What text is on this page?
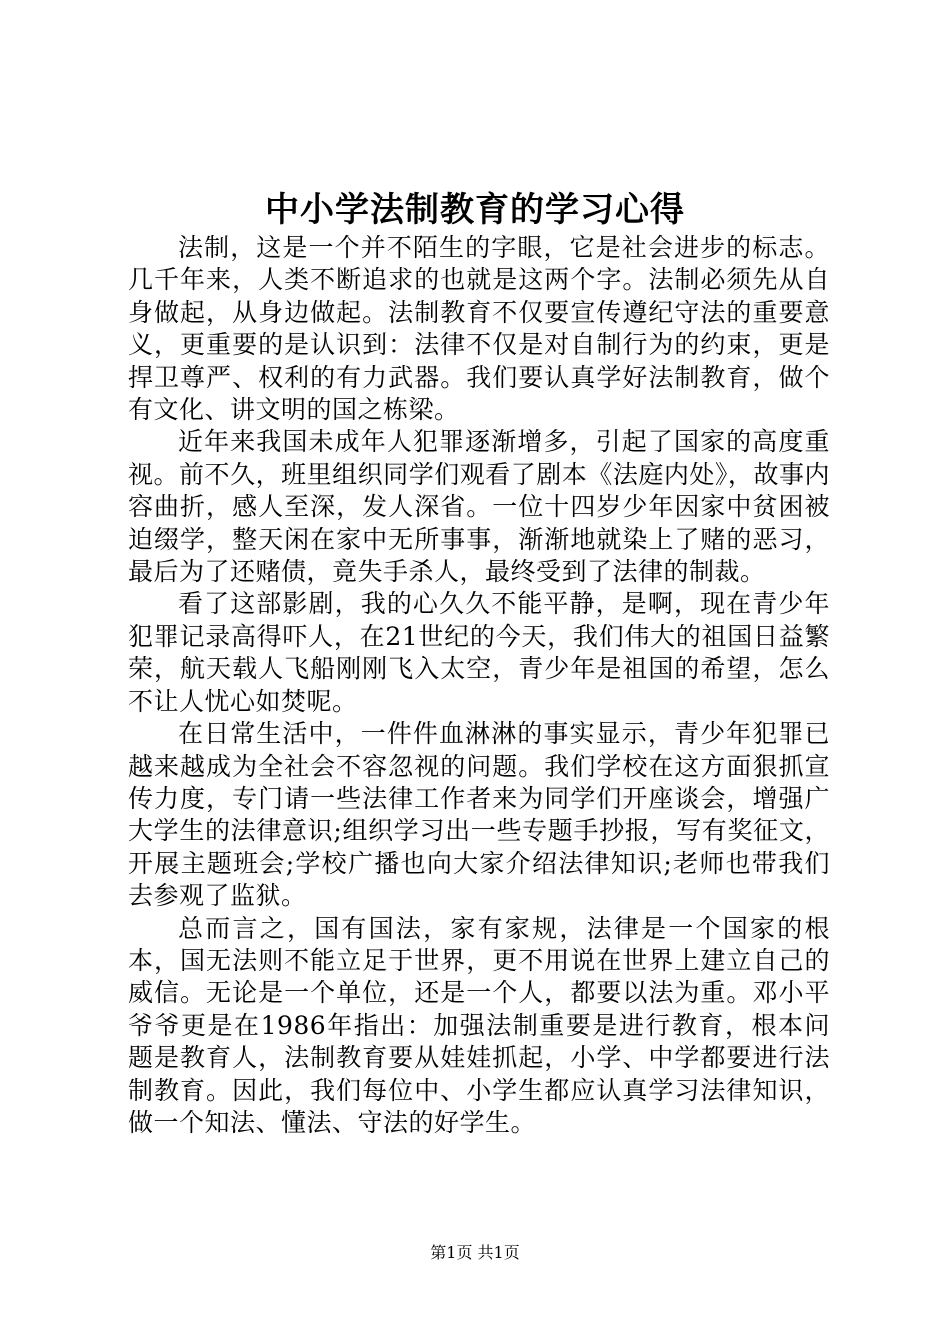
中小学法制教育的学习心得

法制，这是一个并不陌生的字眼，它是社会进步的标志。几千年来，人类不断追求的也就是这两个字。法制必须先从自身做起，从身边做起。法制教育不仅要宣传遵纪守法的重要意义，更重要的是认识到：法律不仅是对自制行为的约束，更是捍卫尊严、权利的有力武器。我们要认真学好法制教育，做个有文化、讲文明的国之栋梁。

近年来我国未成年人犯罪逐渐增多，引起了国家的高度重视。前不久，班里组织同学们观看了剧本《法庭内处》，故事内容曲折，感人至深，发人深省。一位十四岁少年因家中贫困被迫缀学，整天闲在家中无所事事，渐渐地就染上了赌的恶习，最后为了还赌债，竟失手杀人，最终受到了法律的制裁。

看了这部影剧，我的心久久不能平静，是啊，现在青少年犯罪记录高得吓人，在21世纪的今天，我们伟大的祖国日益繁荣，航天载人飞船刚刚飞入太空，青少年是祖国的希望，怎么不让人忧心如焚呢。

在日常生活中，一件件血淋淋的事实显示，青少年犯罪已越来越成为全社会不容忽视的问题。我们学校在这方面狠抓宣传力度，专门请一些法律工作者来为同学们开座谈会，增强广大学生的法律意识;组织学习出一些专题手抄报，写有奖征文，开展主题班会;学校广播也向大家介绍法律知识;老师也带我们去参观了监狱。

总而言之，国有国法，家有家规，法律是一个国家的根本，国无法则不能立足于世界，更不用说在世界上建立自己的威信。无论是一个单位，还是一个人，都要以法为重。邓小平爷爷更是在1986年指出：加强法制重要是进行教育，根本问题是教育人，法制教育要从娃娃抓起，小学、中学都要进行法制教育。因此，我们每位中、小学生都应认真学习法律知识，做一个知法、懂法、守法的好学生。

第1页 共1页
